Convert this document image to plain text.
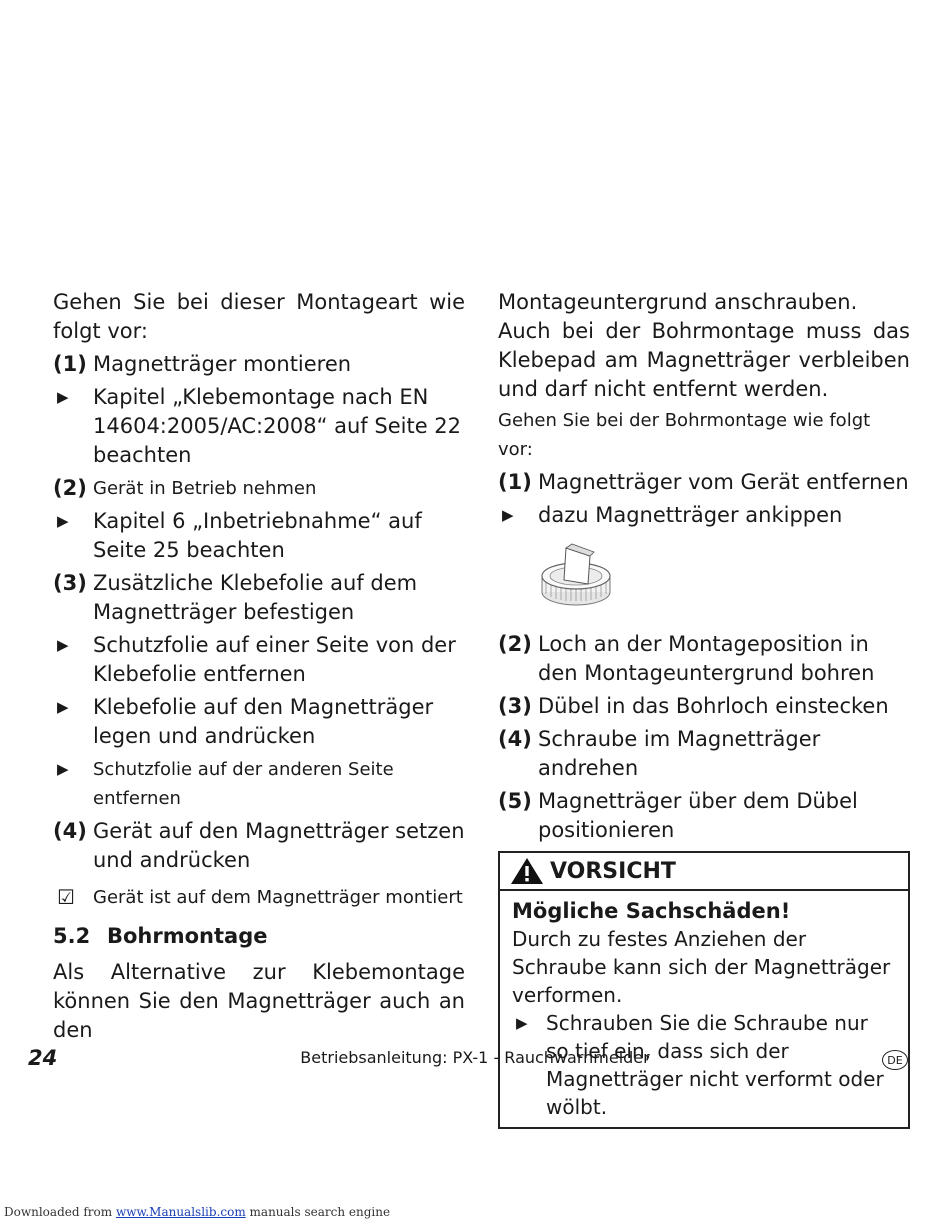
Gehen Sie bei dieser Montageart wie folgt vor:

(1) Magnetträger montieren
▶	Kapitel „Klebemontage nach EN 14604:2005/AC:2008“ auf Seite 22 beachten
(2) Gerät in Betrieb nehmen
▶	Kapitel 6 „Inbetriebnahme“ auf Seite 25 beachten
(3) Zusätzliche Klebefolie auf dem Magnetträger befestigen
▶	Schutzfolie auf einer Seite von der Klebefolie entfernen
▶	Klebefolie auf den Magnetträger legen und andrücken
▶	Schutzfolie auf der anderen Seite entfernen
(4) Gerät auf den Magnetträger setzen und andrücken
☑	Gerät ist auf dem Magnetträger montiert
5.2 Bohrmontage

Als Alternative zur Klebemontage können Sie den Magnetträger auch an den

Montageuntergrund anschrauben.

Auch bei der Bohrmontage muss das Klebepad am Magnetträger verbleiben und darf nicht entfernt werden.

Gehen Sie bei der Bohrmontage wie folgt vor:

(1) Magnetträger vom Gerät entfernen
▶	dazu Magnetträger ankippen
(2) Loch an der Montageposition in den Montageuntergrund bohren
(3) Dübel in das Bohrloch einstecken
(4) Schraube im Magnetträger andrehen
(5) Magnetträger über dem Dübel positionieren
VORSICHT
Mögliche Sachschäden!

Durch zu festes Anziehen der Schraube kann sich der Magnetträger verformen.

▶ Schrauben Sie die Schraube nur so tief ein, dass sich der Magnetträger nicht verformt oder wölbt.
24	Betriebsanleitung: PX-1 - Rauchwarnmelder	DE
Downloaded from www.Manualslib.com manuals search engine
